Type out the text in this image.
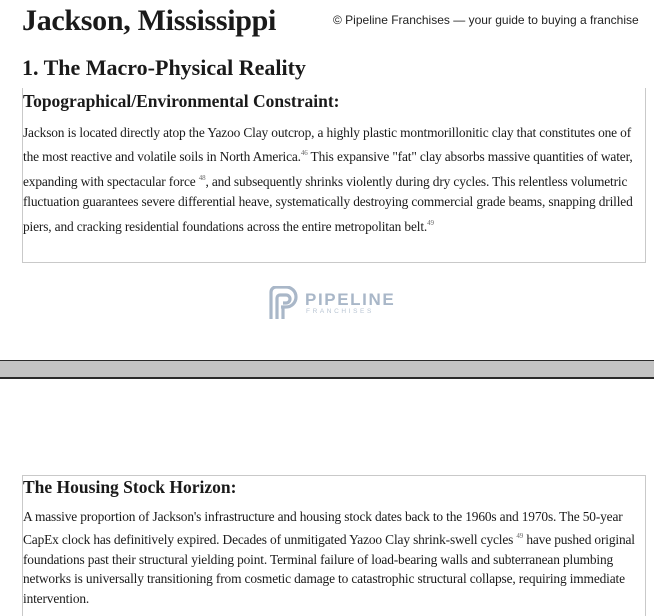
Jackson, Mississippi	© Pipeline Franchises — your guide to buying a franchise
1. The Macro-Physical Reality
Topographical/Environmental Constraint:

Jackson is located directly atop the Yazoo Clay outcrop, a highly plastic montmorillonitic clay that constitutes one of the most reactive and volatile soils in North America.$^{46}$ This expansive "fat" clay absorbs massive quantities of water, expanding with spectacular force $^{48}$, and subsequently shrinks violently during dry cycles. This relentless volumetric fluctuation guarantees severe differential heave, systematically destroying commercial grade beams, snapping drilled piers, and cracking residential foundations across the entire metropolitan belt.$^{49}$

PIPELINE
FRANCHISES
The Housing Stock Horizon:

A massive proportion of Jackson's infrastructure and housing stock dates back to the 1960s and 1970s. The 50-year CapEx clock has definitively expired. Decades of unmitigated Yazoo Clay shrink-swell cycles $^{49}$ have pushed original foundations past their structural yielding point. Terminal failure of load-bearing walls and subterranean plumbing networks is universally transitioning from cosmetic damage to catastrophic structural collapse, requiring immediate intervention.
